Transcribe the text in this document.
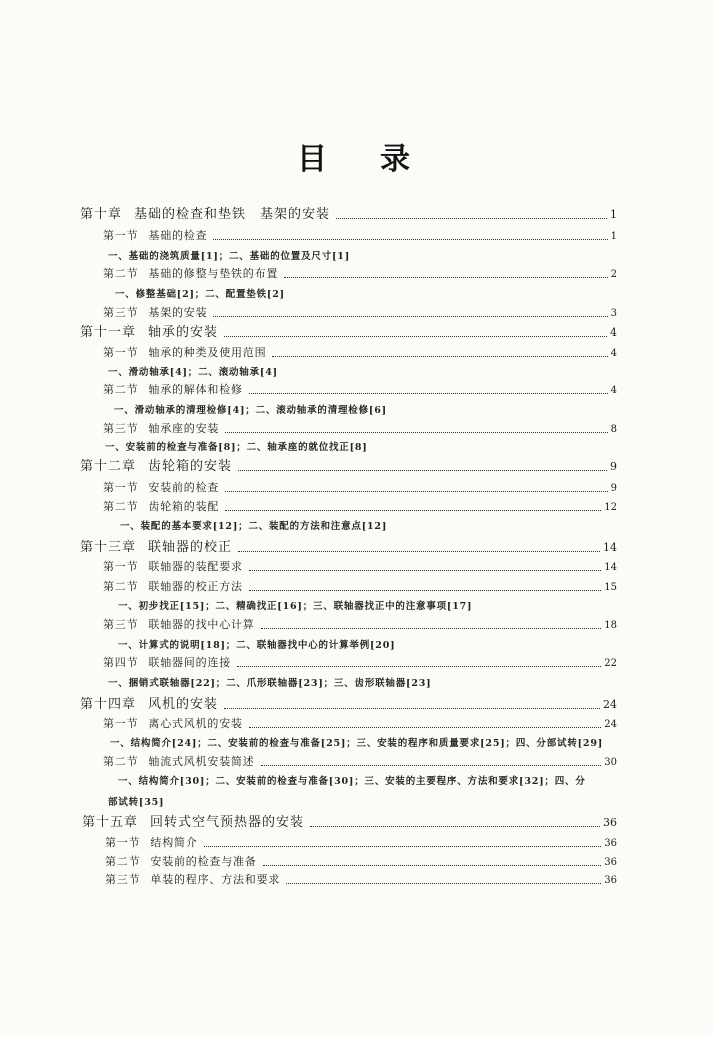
目 录
第十章 基础的检查和垫铁　基架的安装	1
第一节 基础的检查	1
一、基础的浇筑质量[1]；二、基础的位置及尺寸[1]
第二节 基础的修整与垫铁的布置	2
一、修整基础[2]；二、配置垫铁[2]
第三节 基架的安装	3
第十一章 轴承的安装	4
第一节 轴承的种类及使用范围	4
一、滑动轴承[4]；二、滚动轴承[4]
第二节 轴承的解体和检修	4
一、滑动轴承的清理检修[4]；二、滚动轴承的清理检修[6]
第三节 轴承座的安装	8
一、安装前的检查与准备[8]；二、轴承座的就位找正[8]
第十二章 齿轮箱的安装	9
第一节 安装前的检查	9
第二节 齿轮箱的装配	12
一、装配的基本要求[12]；二、装配的方法和注意点[12]
第十三章 联轴器的校正	14
第一节 联轴器的装配要求	14
第二节 联轴器的校正方法	15
一、初步找正[15]；二、精确找正[16]；三、联轴器找正中的注意事项[17]
第三节 联轴器的找中心计算	18
一、计算式的说明[18]；二、联轴器找中心的计算举例[20]
第四节 联轴器间的连接	22
一、捆销式联轴器[22]；二、爪形联轴器[23]；三、齿形联轴器[23]
第十四章 风机的安装	24
第一节 离心式风机的安装	24
一、结构简介[24]；二、安装前的检查与准备[25]；三、安装的程序和质量要求[25]；四、分部试转[29]
第二节 轴流式风机安装简述	30
一、结构简介[30]；二、安装前的检查与准备[30]；三、安装的主要程序、方法和要求[32]；四、分
部试转[35]
第十五章 回转式空气预热器的安装	36
第一节 结构简介	36
第二节 安装前的检查与准备	36
第三节 单装的程序、方法和要求	36
